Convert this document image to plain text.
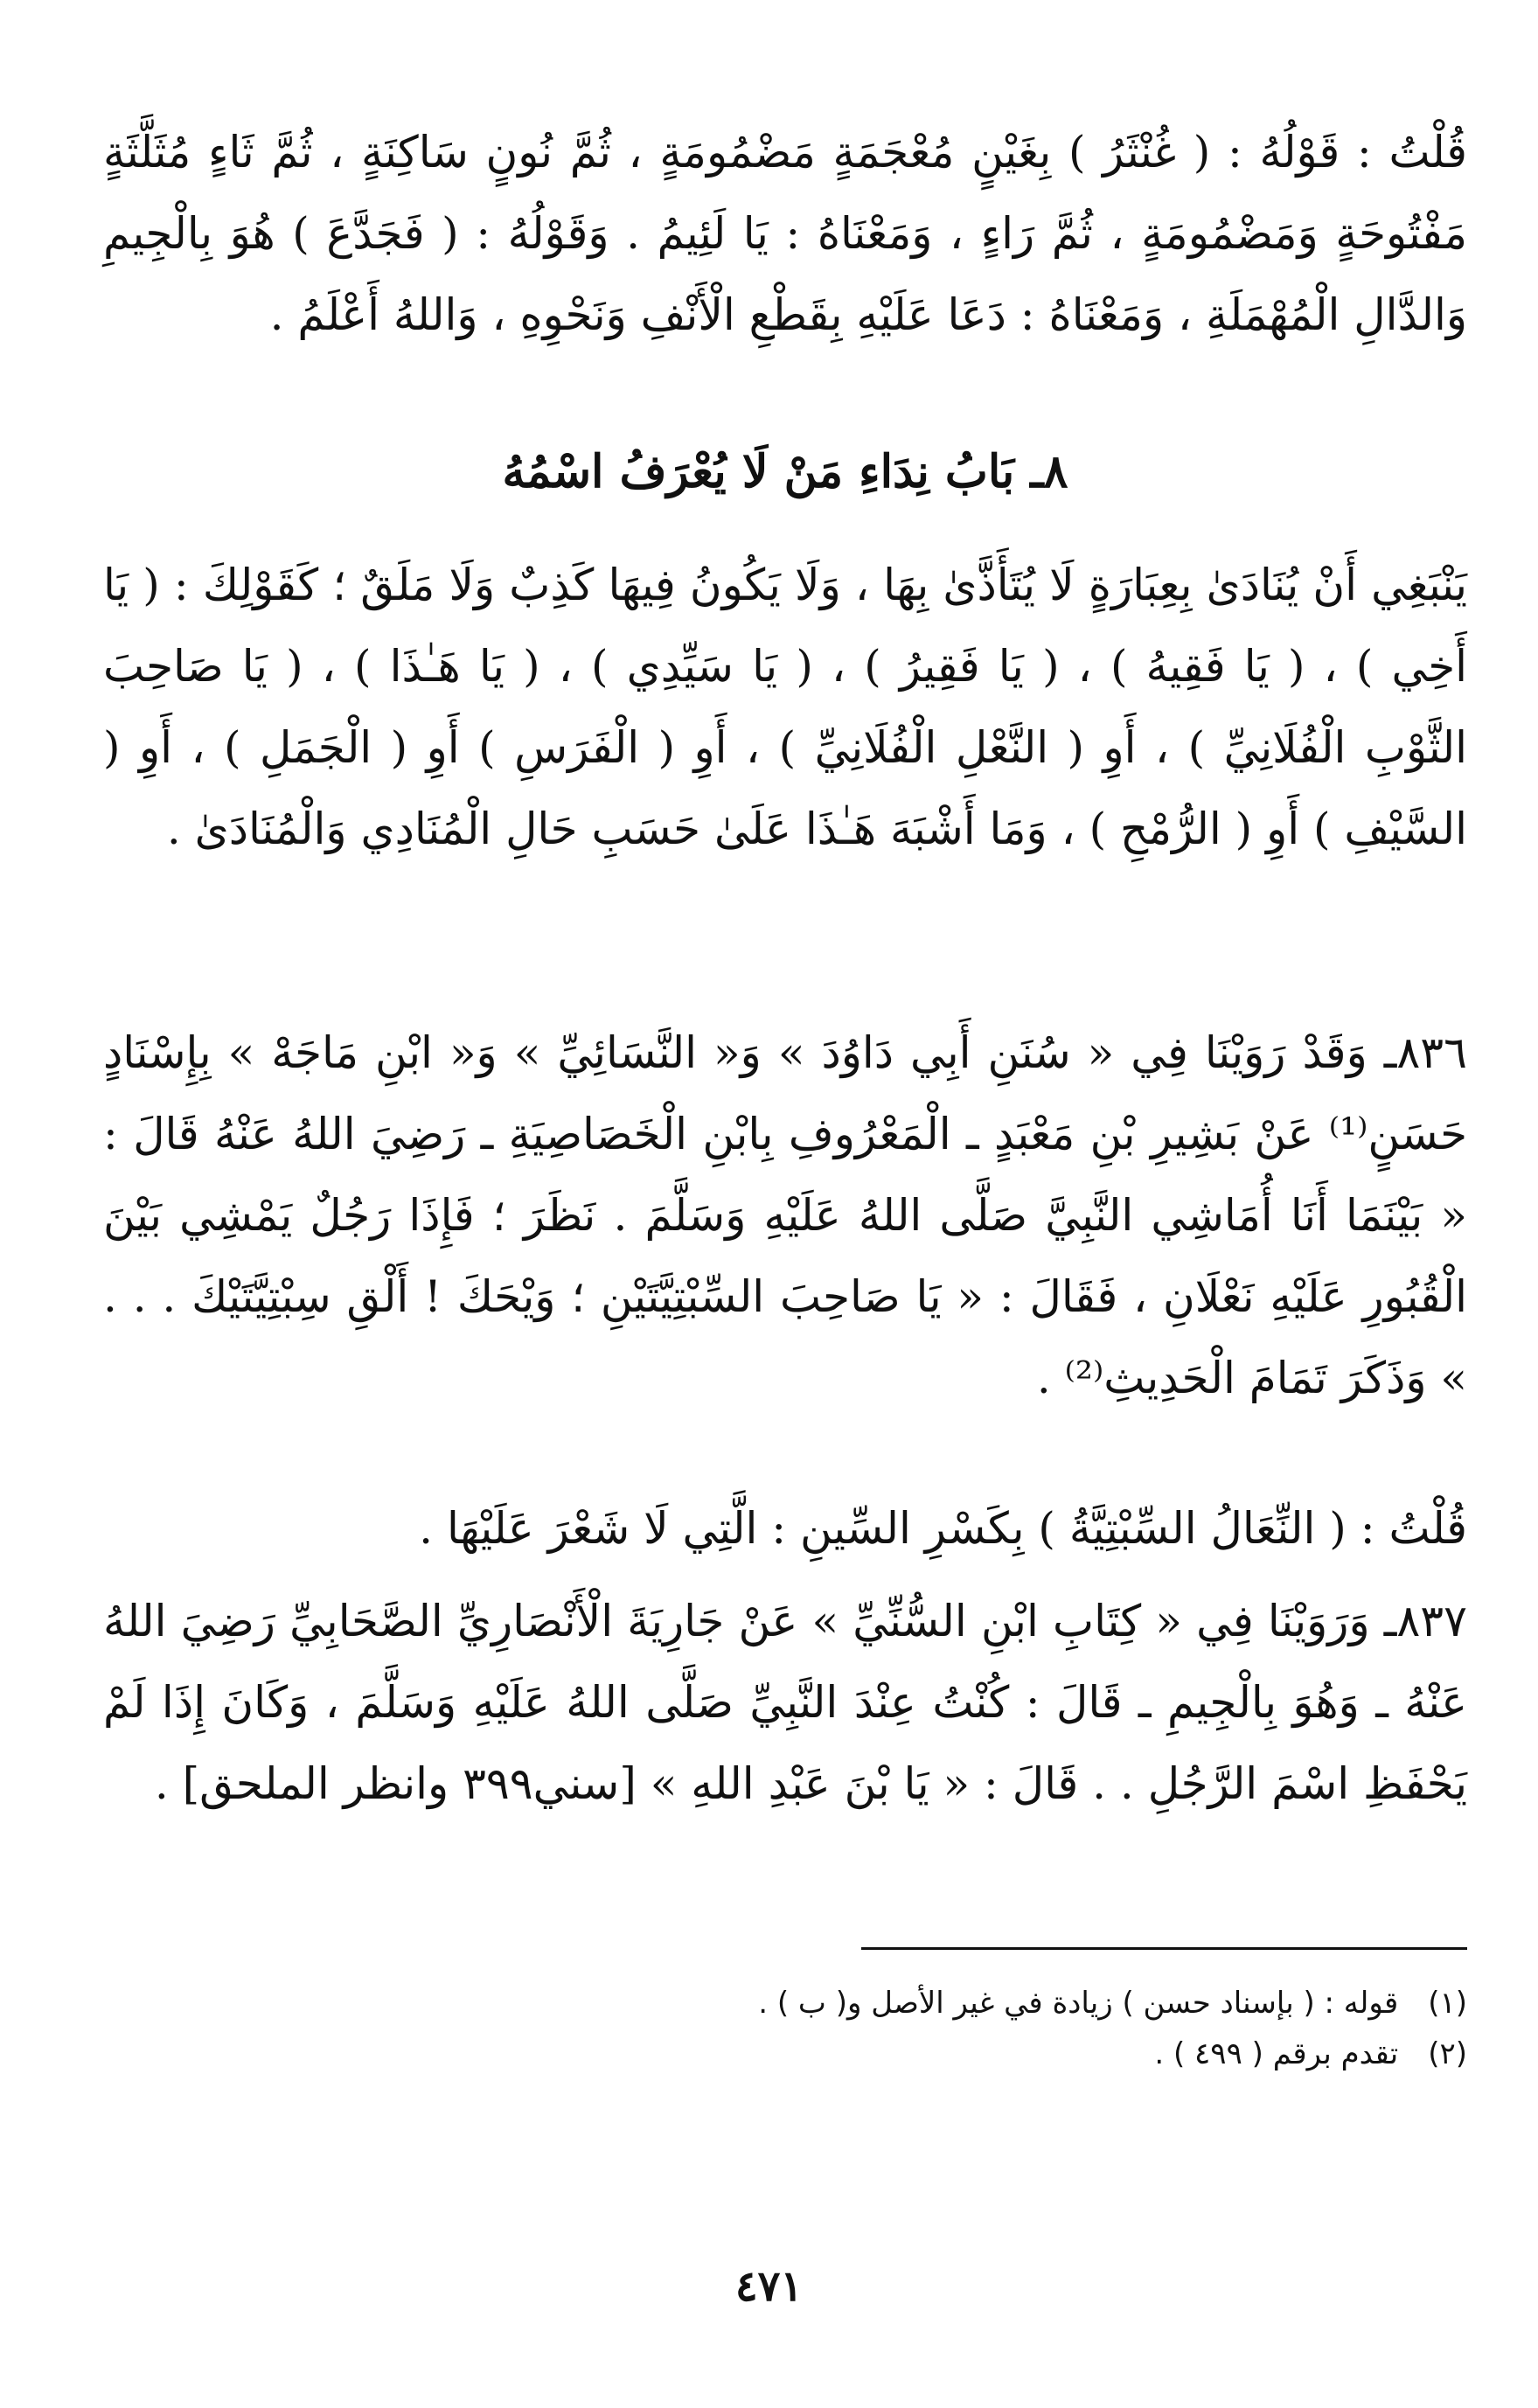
قُلْتُ : قَوْلُهُ : ( غُنْثَرُ ) بِغَيْنٍ مُعْجَمَةٍ مَضْمُومَةٍ ، ثُمَّ نُونٍ سَاكِنَةٍ ، ثُمَّ ثَاءٍ مُثَلَّثَةٍ مَفْتُوحَةٍ وَمَضْمُومَةٍ ، ثُمَّ رَاءٍ ، وَمَعْنَاهُ : يَا لَئِيمُ . وَقَوْلُهُ : ( فَجَدَّعَ ) هُوَ بِالْجِيمِ وَالدَّالِ الْمُهْمَلَةِ ، وَمَعْنَاهُ : دَعَا عَلَيْهِ بِقَطْعِ الْأَنْفِ وَنَحْوِهِ ، وَاللهُ أَعْلَمُ .

٨ـ بَابُ نِدَاءِ مَنْ لَا يُعْرَفُ اسْمُهُ

يَنْبَغِي أَنْ يُنَادَىٰ بِعِبَارَةٍ لَا يُتَأَذَّىٰ بِهَا ، وَلَا يَكُونُ فِيهَا كَذِبٌ وَلَا مَلَقٌ ؛ كَقَوْلِكَ : ( يَا أَخِي ) ، ( يَا فَقِيهُ ) ، ( يَا فَقِيرُ ) ، ( يَا سَيِّدِي ) ، ( يَا هَـٰذَا ) ، ( يَا صَاحِبَ الثَّوْبِ الْفُلَانِيِّ ) ، أَوِ ( النَّعْلِ الْفُلَانِيِّ ) ، أَوِ ( الْفَرَسِ ) أَوِ ( الْجَمَلِ ) ، أَوِ ( السَّيْفِ ) أَوِ ( الرُّمْحِ ) ، وَمَا أَشْبَهَ هَـٰذَا عَلَىٰ حَسَبِ حَالِ الْمُنَادِي وَالْمُنَادَىٰ .

٨٣٦ـ وَقَدْ رَوَيْنَا فِي « سُنَنِ أَبِي دَاوُدَ » وَ« النَّسَائِيِّ » وَ« ابْنِ مَاجَهْ » بِإِسْنَادٍ حَسَنٍ⁽¹⁾ عَنْ بَشِيرِ بْنِ مَعْبَدٍ ـ الْمَعْرُوفِ بِابْنِ الْخَصَاصِيَةِ ـ رَضِيَ اللهُ عَنْهُ قَالَ : « بَيْنَمَا أَنَا أُمَاشِي النَّبِيَّ صَلَّى اللهُ عَلَيْهِ وَسَلَّمَ . نَظَرَ ؛ فَإِذَا رَجُلٌ يَمْشِي بَيْنَ الْقُبُورِ عَلَيْهِ نَعْلَانِ ، فَقَالَ : « يَا صَاحِبَ السِّبْتِيَّتَيْنِ ؛ وَيْحَكَ ! أَلْقِ سِبْتِيَّتَيْكَ . . . » وَذَكَرَ تَمَامَ الْحَدِيثِ⁽²⁾ .

قُلْتُ : ( النِّعَالُ السِّبْتِيَّةُ ) بِكَسْرِ السِّينِ : الَّتِي لَا شَعْرَ عَلَيْهَا .

٨٣٧ـ وَرَوَيْنَا فِي « كِتَابِ ابْنِ السُّنِّيِّ » عَنْ جَارِيَةَ الْأَنْصَارِيِّ الصَّحَابِيِّ رَضِيَ اللهُ عَنْهُ ـ وَهُوَ بِالْجِيمِ ـ قَالَ : كُنْتُ عِنْدَ النَّبِيِّ صَلَّى اللهُ عَلَيْهِ وَسَلَّمَ ، وَكَانَ إِذَا لَمْ يَحْفَظِ اسْمَ الرَّجُلِ . . قَالَ : « يَا بْنَ عَبْدِ اللهِ » [سني٣٩٩ وانظر الملحق] .

(١)قوله : ( بإسناد حسن ) زيادة في غير الأصل و( ب ) .

(٢)تقدم برقم ( ٤٩٩ ) .

٤٧١
